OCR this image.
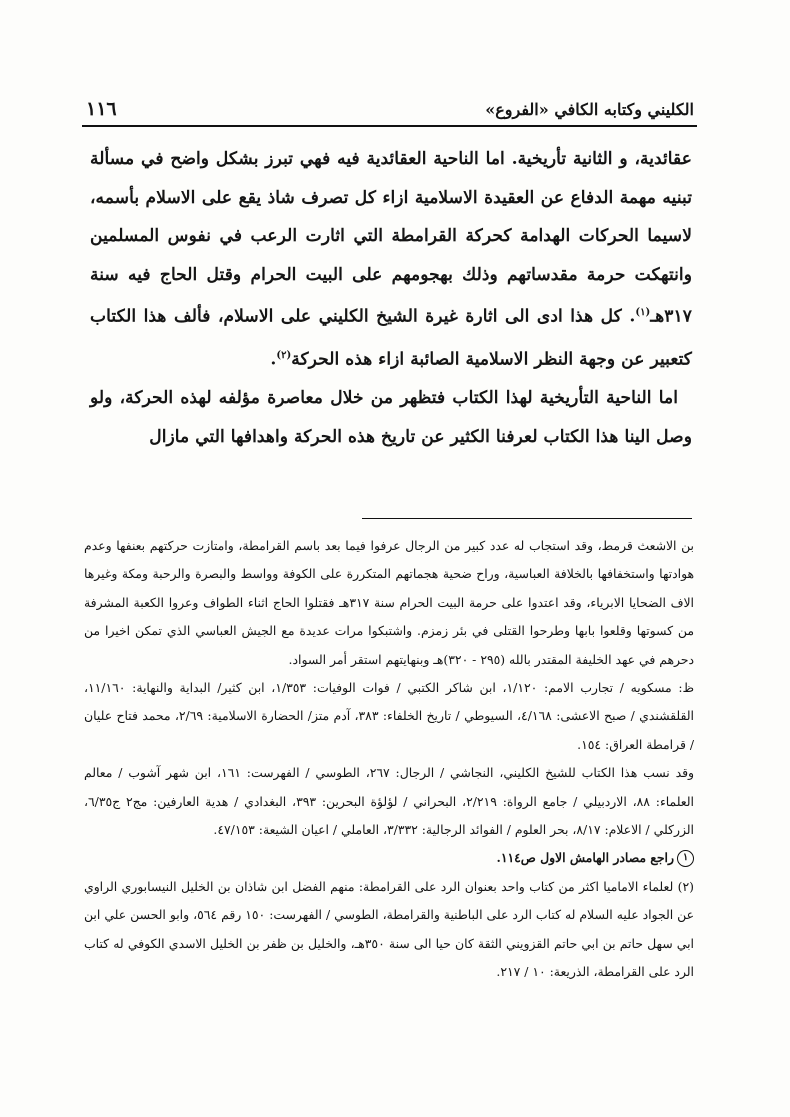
١١٦	الكليني وكتابه الكافي «الفروع»

عقائدية، و الثانية تأريخية. اما الناحية العقائدية فيه فهي تبرز بشكل واضح في مسألة تبنيه مهمة الدفاع عن العقيدة الاسلامية ازاء كل تصرف شاذ يقع على الاسلام بأسمه، لاسيما الحركات الهدامة كحركة القرامطة التي اثارت الرعب في نفوس المسلمين وانتهكت حرمة مقدساتهم وذلك بهجومهم على البيت الحرام وقتل الحاج فيه سنة ٣١٧هـ$^{(١)}$. كل هذا ادى الى اثارة غيرة الشيخ الكليني على الاسلام، فألف هذا الكتاب كتعبير عن وجهة النظر الاسلامية الصائبة ازاء هذه الحركة$^{(٢)}$.

اما الناحية التأريخية لهذا الكتاب فتظهر من خلال معاصرة مؤلفه لهذه الحركة، ولو وصل الينا هذا الكتاب لعرفنا الكثير عن تاريخ هذه الحركة واهدافها التي مازال

بن الاشعث قرمط، وقد استجاب له عدد كبير من الرجال عرفوا فيما بعد باسم القرامطة، وامتازت حركتهم بعنفها وعدم هوادتها واستخفافها بالخلافة العباسية، وراح ضحية هجماتهم المتكررة على الكوفة وواسط والبصرة والرحبة ومكة وغيرها الاف الضحايا الابرياء، وقد اعتدوا على حرمة البيت الحرام سنة ٣١٧هـ فقتلوا الحاج اثناء الطواف وعروا الكعبة المشرفة من كسوتها وقلعوا بابها وطرحوا القتلى في بئر زمزم. واشتبكوا مرات عديدة مع الجيش العباسي الذي تمكن اخيرا من دحرهم في عهد الخليفة المقتدر بالله (٢٩٥ - ٣٢٠)هـ وبنهايتهم استقر أمر السواد.

ظ: مسكويه / تجارب الامم: ١/١٢٠، ابن شاكر الكتبي / فوات الوفيات: ١/٣٥٣، ابن كثير/ البداية والنهاية: ١١/١٦٠، القلقشندي / صبح الاعشى: ٤/١٦٨، السيوطي / تاريخ الخلفاء: ٣٨٣، آدم متز/ الحضارة الاسلامية: ٢/٦٩، محمد فتاح عليان / قرامطة العراق: ١٥٤.

وقد نسب هذا الكتاب للشيخ الكليني، النجاشي / الرجال: ٢٦٧، الطوسي / الفهرست: ١٦١، ابن شهر آشوب / معالم العلماء: ٨٨، الاردبيلي / جامع الرواة: ٢/٢١٩، البحراني / لؤلؤة البحرين: ٣٩٣، البغدادي / هدية العارفين: مج٢ ج٦/٣٥، الزركلي / الاعلام: ٨/١٧، بحر العلوم / الفوائد الرجالية: ٣/٣٣٢، العاملي / اعيان الشيعة: ٤٧/١٥٣.

١راجع مصادر الهامش الاول ص١١٤.

(٢) لعلماء الاماميا اكثر من كتاب واحد بعنوان الرد على القرامطة: منهم الفضل ابن شاذان بن الخليل النيسابوري الراوي عن الجواد عليه السلام له كتاب الرد على الباطنية والقرامطة، الطوسي / الفهرست: ١٥٠ رقم ٥٦٤، وابو الحسن علي ابن ابي سهل حاتم بن ابي حاتم القزويني الثقة كان حيا الى سنة ٣٥٠هـ، والخليل بن ظفر بن الخليل الاسدي الكوفي له كتاب الرد على القرامطة، الذريعة: ١٠ / ٢١٧.
